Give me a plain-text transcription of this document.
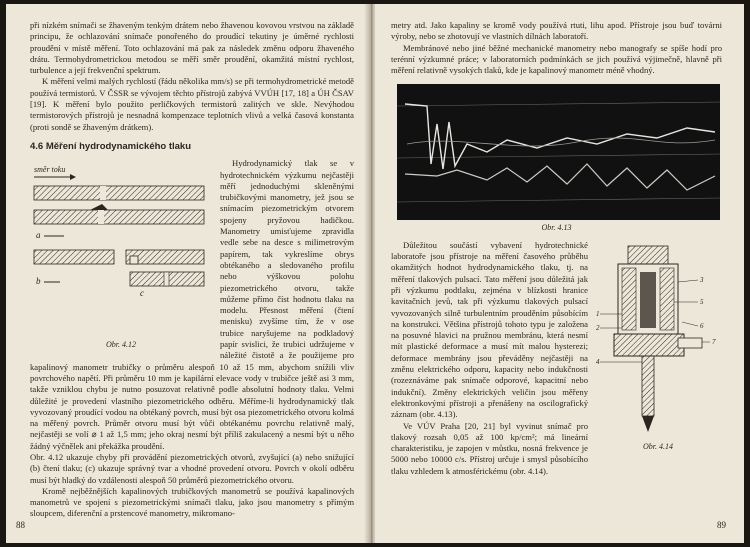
při nízkém snímači se žhaveným tenkým drátem nebo žhavenou kovovou vrstvou na základě principu, že ochlazování snímače ponořeného do proudící tekutiny je úměrné rychlosti proudění v místě měření. Toto ochlazování má pak za následek změnu odporu žhaveného drátu. Termohydrometrickou metodou se měří směr proudění, okamžitá místní rychlost, turbulence a její frekvenční spektrum.

K měření velmi malých rychlostí (řádu několika mm/s) se při termohydrometrické metodě používá termistorů. V ČSSR se vývojem těchto přístrojů zabývá VVÚH [17, 18] a ÚH ČSAV [19]. K měření bylo použito perličkových termistorů zalitých ve skle. Nevýhodou termistorových přístrojů je nesnadná kompenzace teplotních vlivů a velká časová konstanta (proti sondě se žhaveným drátkem).

4.6 Měření hydrodynamického tlaku
směr toku
a
b
c
Obr. 4.12

Hydrodynamický tlak se v hydrotechnickém výzkumu nejčastěji měří jednoduchými skleněnými trubičkovými manometry, jež jsou se snímacím piezometrickým otvorem spojeny pryžovou hadičkou. Manometry umisťujeme zpravidla vedle sebe na desce s milimetrovým papírem, tak vykreslíme obrys obtékaného a sledovaného profilu nebo výškovou polohu piezometrického otvoru, takže můžeme přímo číst hodnotu tlaku na modelu. Přesnost měření (čtení menisku) zvyšíme tím, že v ose trubice naryšujeme na podkladový papír svislici, že trubici udržujeme v náležité čistotě a že použijeme pro kapalinový manometr trubičky o průměru alespoň 10 až 15 mm, abychom snížili vliv povrchového napětí. Při průměru 10 mm je kapilární elevace vody v trubičce ještě asi 3 mm, takže vzniklou chybu je nutno posuzovat relativně podle absolutní hodnoty tlaku. Velmi důležité je provedení vlastního piezometrického odběru. Měříme-li hydrodynamický tlak vyvozovaný proudící vodou na obtékaný povrch, musí být osa piezometrického otvoru kolmá na měřený povrch. Průměr otvoru musí být vůči obtékanému povrchu relativně malý, nejčastěji se volí ⌀ 1 až 1,5 mm; jeho okraj nesmí být příliš zakulacený a nesmí být u něho žádný výčnělek ani překážka proudění.

Obr. 4.12 ukazuje chyby při provádění piezometrických otvorů, zvyšující (a) nebo snižující (b) čtení tlaku; (c) ukazuje správný tvar a vhodné provedení otvoru. Povrch v okolí odběru musí být hladký do vzdálenosti alespoň 50 průměrů piezometrického otvoru.

Kromě nejběžnějších kapalinových trubičkových manometrů se používá kapalinových manometrů ve spojení s piezometrickými snímači tlaku, jako jsou manometry s přímým sloupcem, diferenční a prstencové manometry, mikromano-

88

metry atd. Jako kapaliny se kromě vody používá rtuti, lihu apod. Přístroje jsou buď továrni výroby, nebo se zhotovují ve vlastních dílnách laboratoří.

Membránové nebo jiné běžné mechanické manometry nebo manografy se spíše hodí pro terénní výzkumné práce; v laboratorních podmínkách se jich používá výjimečně, hlavně při měření relativně vysokých tlaků, kde je kapalinový manometr méně vhodný.

Obr. 4.13
1
2
3
4
5
6
7
Obr. 4.14

Důležitou součástí vybavení hydrotechnické laboratoře jsou přístroje na měření časového průběhu okamžitých hodnot hydrodynamického tlaku, tj. na měření tlakových pulsací. Tato měření jsou důležitá jak při výzkumu podtlaku, zejména v blízkosti hranice kavitačních jevů, tak při výzkumu tlakových pulsací vyvozovaných silně turbulentním prouděním působícím na konstrukci. Většina přístrojů tohoto typu je založena na posuvné hlavici na pružnou membránu, která nesmí mít plastické deformace a musí mít malou hysterezi; deformace membrány jsou převáděny nejčastěji na změnu elektrického odporu, kapacity nebo indukčnosti (rozeznáváme pak snímače odporové, kapacitní nebo indukční). Změny elektrických veličin jsou měřeny elektronkovými přístroji a přenášeny na oscilografický záznam (obr. 4.13).

Ve VÚV Praha [20, 21] byl vyvinut snímač pro tlakový rozsah 0,05 až 100 kp/cm²; má lineární charakteristiku, je zapojen v můstku, nosná frekvence je 5000 nebo 10000 c/s. Přístroj určuje i smysl působícího tlaku vzhledem k atmosférickému (obr. 4.14).

89
